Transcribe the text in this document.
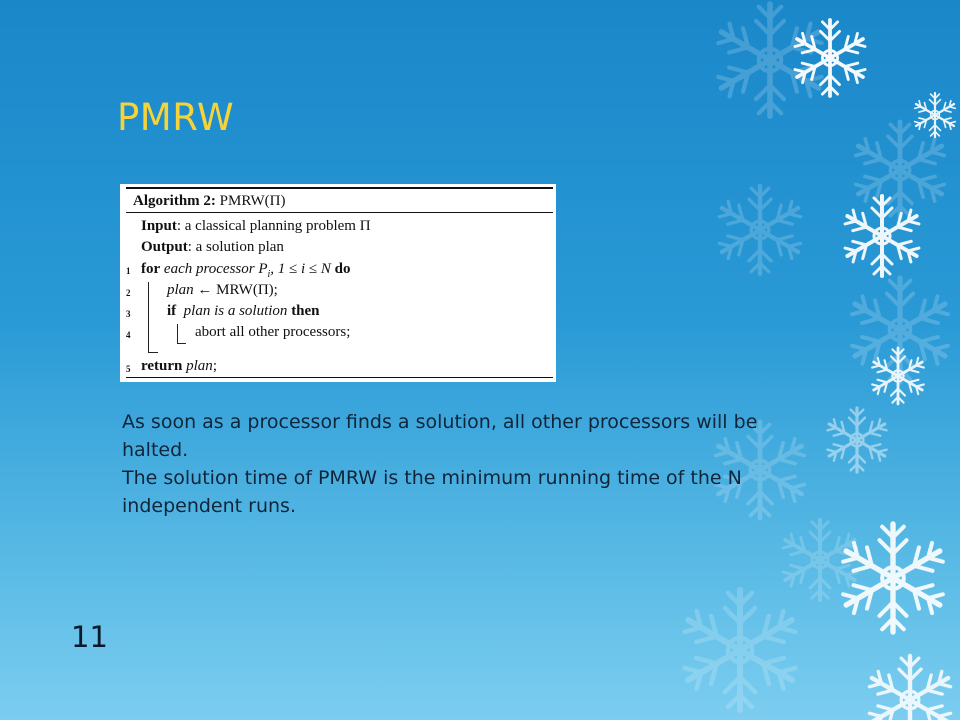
PMRW
Algorithm 2: PMRW(Π)
Input: a classical planning problem Π
Output: a solution plan
1 for each processor $P_i$, 1 ≤ i ≤ N do
2 plan ← MRW(Π);
3 if plan is a solution then
4	abort all other processors;
5 return plan;

As soon as a processor finds a solution, all other processors will be halted.

The solution time of PMRW is the minimum running time of the N independent runs.

11
